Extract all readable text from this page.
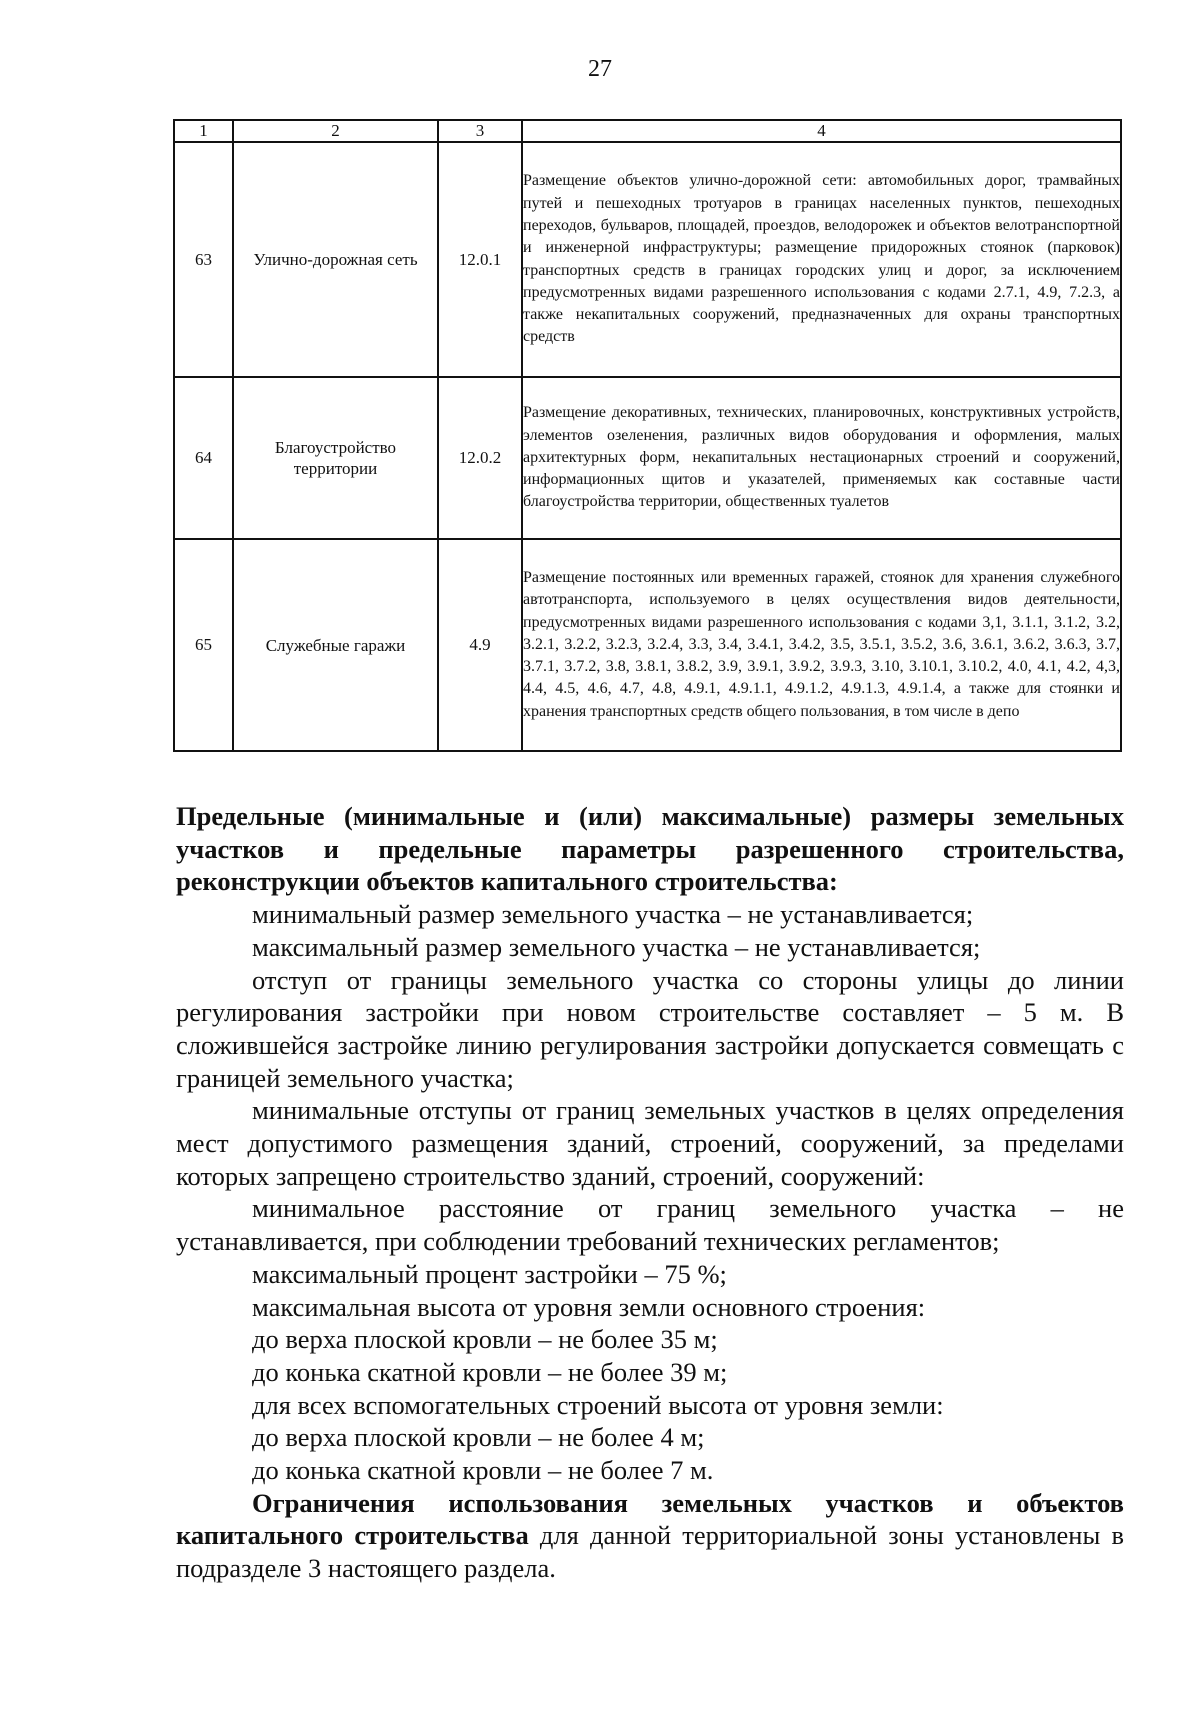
27
1	2	3	4
63	Улично-дорожная сеть	12.0.1	Размещение объектов улично-дорожной сети: автомобильных дорог, трамвайных путей и пешеходных тротуаров в границах населенных пунктов, пешеходных переходов, бульваров, площадей, проездов, велодорожек и объектов велотранспортной и инженерной инфраструктуры; размещение придорожных стоянок (парковок) транспортных средств в границах городских улиц и дорог, за исключением предусмотренных видами разрешенного использования с кодами 2.7.1, 4.9, 7.2.3, а также некапитальных сооружений, предназначенных для охраны транспортных средств
64	Благоустройство территории	12.0.2	Размещение декоративных, технических, планировочных, конструктивных устройств, элементов озеленения, различных видов оборудования и оформления, малых архитектурных форм, некапитальных нестационарных строений и сооружений, информационных щитов и указателей, применяемых как составные части благоустройства территории, общественных туалетов
65	Служебные гаражи	4.9	Размещение постоянных или временных гаражей, стоянок для хранения служебного автотранспорта, используемого в целях осуществления видов деятельности, предусмотренных видами разрешенного использования с кодами 3,1, 3.1.1, 3.1.2, 3.2, 3.2.1, 3.2.2, 3.2.3, 3.2.4, 3.3, 3.4, 3.4.1, 3.4.2, 3.5, 3.5.1, 3.5.2, 3.6, 3.6.1, 3.6.2, 3.6.3, 3.7, 3.7.1, 3.7.2, 3.8, 3.8.1, 3.8.2, 3.9, 3.9.1, 3.9.2, 3.9.3, 3.10, 3.10.1, 3.10.2, 4.0, 4.1, 4.2, 4,3, 4.4, 4.5, 4.6, 4.7, 4.8, 4.9.1, 4.9.1.1, 4.9.1.2, 4.9.1.3, 4.9.1.4, а также для стоянки и хранения транспортных средств общего пользования, в том числе в депо

Предельные (минимальные и (или) максимальные) размеры земельных участков и предельные параметры разрешенного строительства, реконструкции объектов капитального строительства:

минимальный размер земельного участка – не устанавливается;

максимальный размер земельного участка – не устанавливается;

отступ от границы земельного участка со стороны улицы до линии регулирования застройки при новом строительстве составляет – 5 м. В сложившейся застройке линию регулирования застройки допускается совмещать с границей земельного участка;

минимальные отступы от границ земельных участков в целях определения мест допустимого размещения зданий, строений, сооружений, за пределами которых запрещено строительство зданий, строений, сооружений:

минимальное расстояние от границ земельного участка – не устанавливается, при соблюдении требований технических регламентов;

максимальный процент застройки – 75 %;

максимальная высота от уровня земли основного строения:

до верха плоской кровли – не более 35 м;

до конька скатной кровли – не более 39 м;

для всех вспомогательных строений высота от уровня земли:

до верха плоской кровли – не более 4 м;

до конька скатной кровли – не более 7 м.

Ограничения использования земельных участков и объектов капитального строительства для данной территориальной зоны установлены в подразделе 3 настоящего раздела.
